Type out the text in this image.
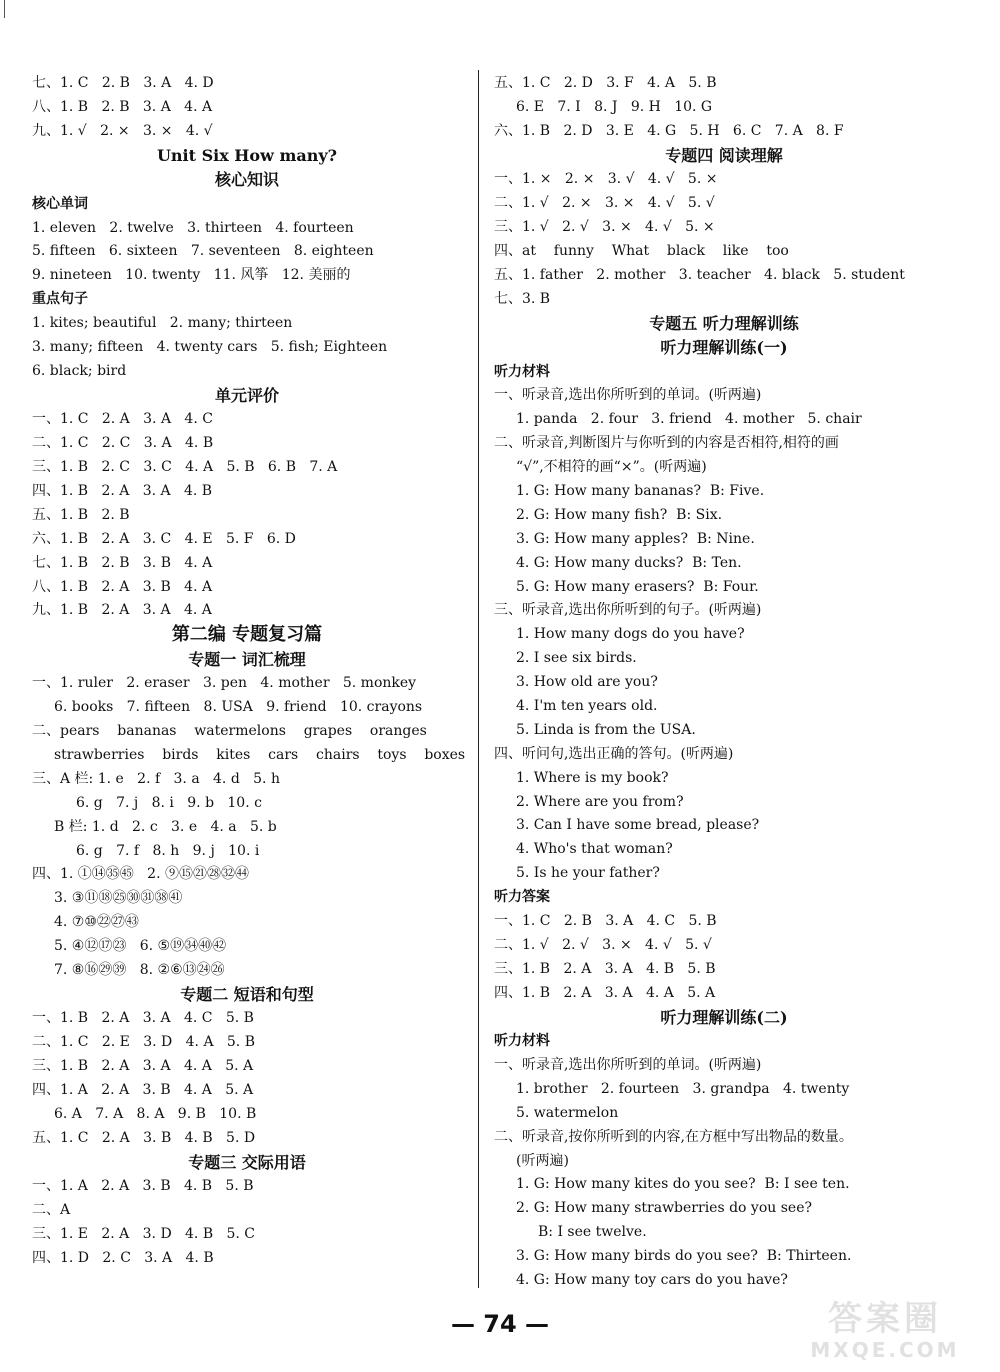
七、1. C   2. B   3. A   4. D
八、1. B   2. B   3. A   4. A
九、1. √   2. ×   3. ×   4. √
Unit Six How many?
核心知识
核心单词
1. eleven   2. twelve   3. thirteen   4. fourteen
5. fifteen   6. sixteen   7. seventeen   8. eighteen
9. nineteen   10. twenty   11. 风筝   12. 美丽的
重点句子
1. kites; beautiful   2. many; thirteen
3. many; fifteen   4. twenty cars   5. fish; Eighteen
6. black; bird
单元评价
一、1. C   2. A   3. A   4. C
二、1. C   2. C   3. A   4. B
三、1. B   2. C   3. C   4. A   5. B   6. B   7. A
四、1. B   2. A   3. A   4. B
五、1. B   2. B
六、1. B   2. A   3. C   4. E   5. F   6. D
七、1. B   2. B   3. B   4. A
八、1. B   2. A   3. B   4. A
九、1. B   2. A   3. A   4. A
第二编 专题复习篇
专题一 词汇梳理
一、1. ruler   2. eraser   3. pen   4. mother   5. monkey
6. books   7. fifteen   8. USA   9. friend   10. crayons
二、pears    bananas    watermelons    grapes    oranges
strawberries    birds    kites    cars    chairs    toys    boxes
三、A 栏: 1. e   2. f   3. a   4. d   5. h
6. g   7. j   8. i   9. b   10. c
B 栏: 1. d   2. c   3. e   4. a   5. b
6. g   7. f   8. h   9. j   10. i
四、1. ①⑭㉟㊺   2. ⑨⑮㉑㉘㉜㊹
3. ③⑪⑱㉕㉚㉛㊳㊶
4. ⑦⑩㉒㉗㊸
5. ④⑫⑰㉓   6. ⑤⑲㉞㊵㊷
7. ⑧⑯㉙㊴   8. ②⑥⑬㉔㉖
专题二 短语和句型
一、1. B   2. A   3. A   4. C   5. B
二、1. C   2. E   3. D   4. A   5. B
三、1. B   2. A   3. A   4. A   5. A
四、1. A   2. A   3. B   4. A   5. A
6. A   7. A   8. A   9. B   10. B
五、1. C   2. A   3. B   4. B   5. D
专题三 交际用语
一、1. A   2. A   3. B   4. B   5. B
二、A
三、1. E   2. A   3. D   4. B   5. C
四、1. D   2. C   3. A   4. B
五、1. C   2. D   3. F   4. A   5. B
6. E   7. I   8. J   9. H   10. G
六、1. B   2. D   3. E   4. G   5. H   6. C   7. A   8. F
专题四 阅读理解
一、1. ×   2. ×   3. √   4. √   5. ×
二、1. √   2. ×   3. ×   4. √   5. √
三、1. √   2. √   3. ×   4. √   5. ×
四、at    funny    What    black    like    too
五、1. father   2. mother   3. teacher   4. black   5. student
七、3. B
专题五 听力理解训练
听力理解训练(一)
听力材料
一、听录音,选出你所听到的单词。(听两遍)
1. panda   2. four   3. friend   4. mother   5. chair
二、听录音,判断图片与你听到的内容是否相符,相符的画
“√”,不相符的画“×”。(听两遍)
1. G: How many bananas?  B: Five.
2. G: How many fish?  B: Six.
3. G: How many apples?  B: Nine.
4. G: How many ducks?  B: Ten.
5. G: How many erasers?  B: Four.
三、听录音,选出你所听到的句子。(听两遍)
1. How many dogs do you have?
2. I see six birds.
3. How old are you?
4. I'm ten years old.
5. Linda is from the USA.
四、听问句,选出正确的答句。(听两遍)
1. Where is my book?
2. Where are you from?
3. Can I have some bread, please?
4. Who's that woman?
5. Is he your father?
听力答案
一、1. C   2. B   3. A   4. C   5. B
二、1. √   2. √   3. ×   4. √   5. √
三、1. B   2. A   3. A   4. B   5. B
四、1. B   2. A   3. A   4. A   5. A
听力理解训练(二)
听力材料
一、听录音,选出你所听到的单词。(听两遍)
1. brother   2. fourteen   3. grandpa   4. twenty
5. watermelon
二、听录音,按你所听到的内容,在方框中写出物品的数量。
(听两遍)
1. G: How many kites do you see?  B: I see ten.
2. G: How many strawberries do you see?
B: I see twelve.
3. G: How many birds do you see?  B: Thirteen.
4. G: How many toy cars do you have?
— 74 —	答案圈
MXQE.COM
